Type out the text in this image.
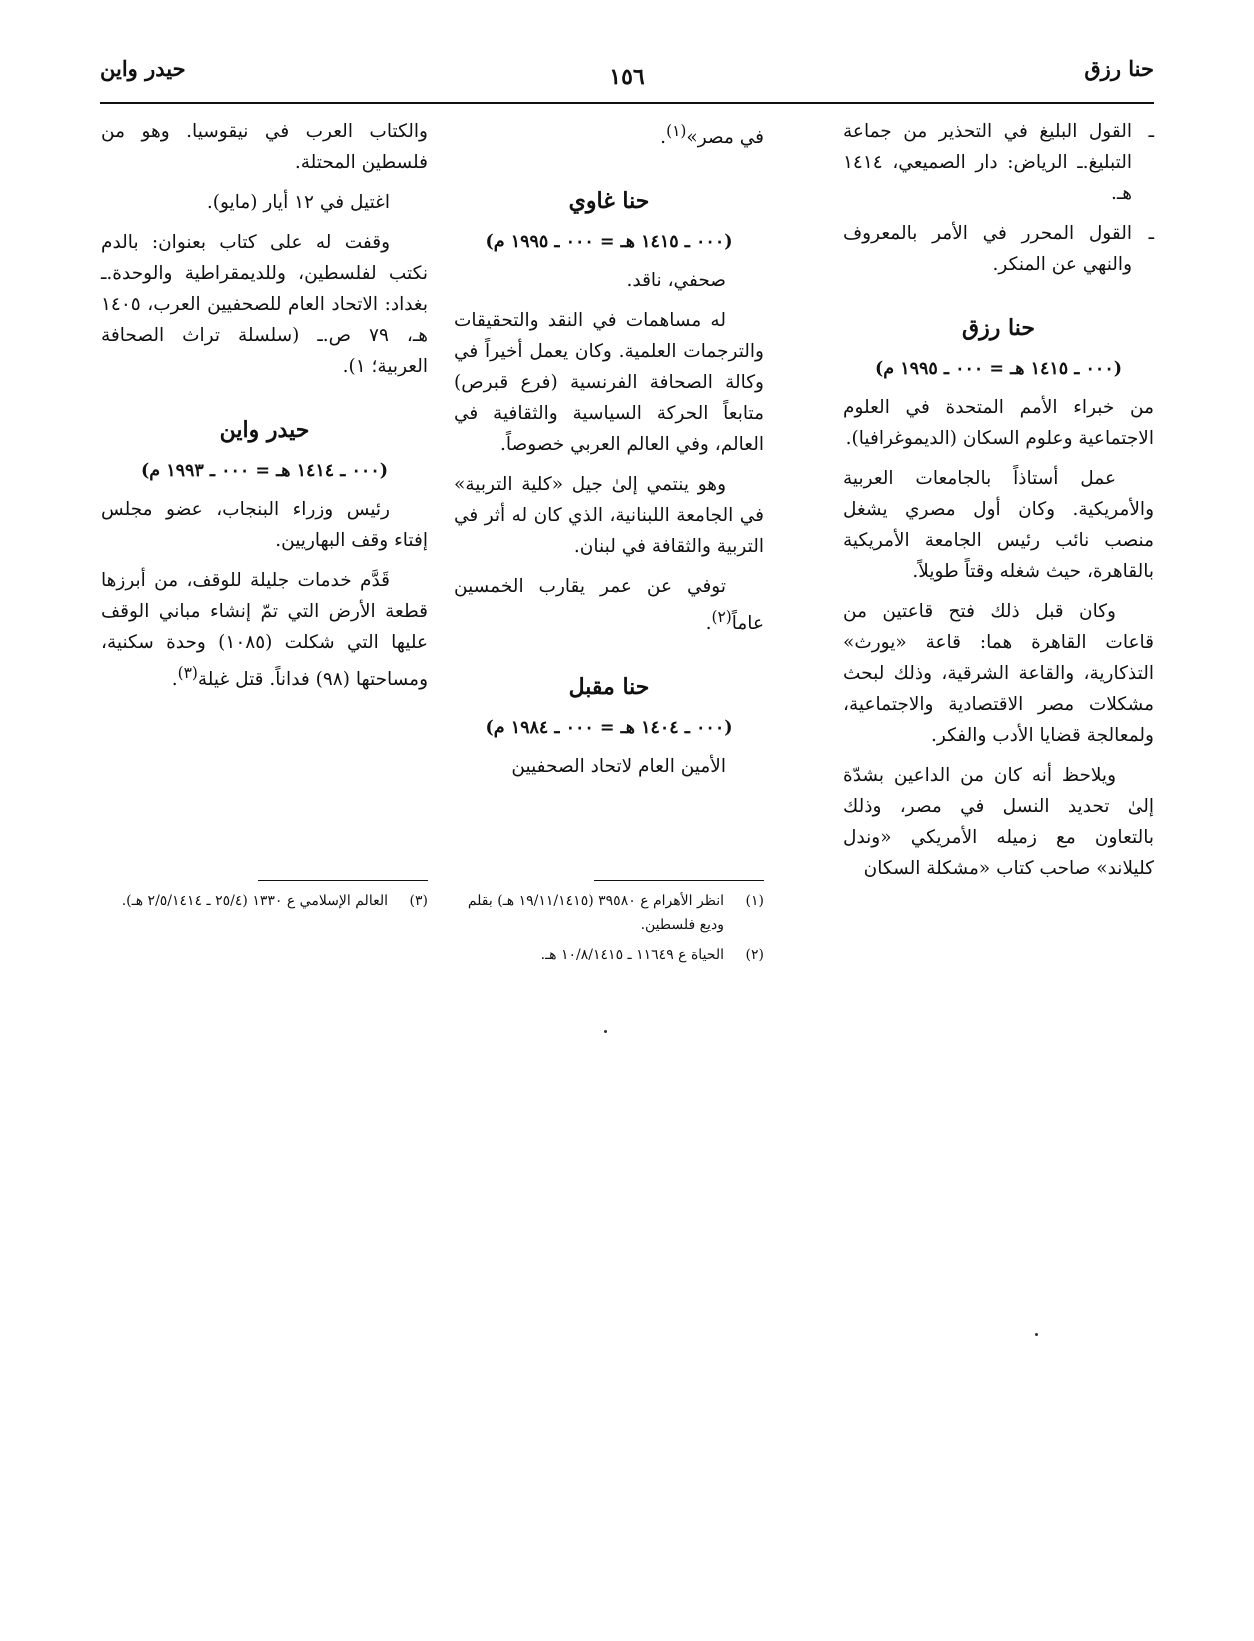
حنا رزق
١٥٦
حيدر واين
ـ
القول البليغ في التحذير من جماعة التبليغ.ـ الرياض: دار الصميعي، ١٤١٤ هـ.
ـ
القول المحرر في الأمر بالمعروف والنهي عن المنكر.
حنا رزق
(٠٠٠ ـ ١٤١٥ هـ = ٠٠٠ ـ ١٩٩٥ م)

من خبراء الأمم المتحدة في العلوم الاجتماعية وعلوم السكان (الديموغرافيا).

عمل أستاذاً بالجامعات العربية والأمريكية. وكان أول مصري يشغل منصب نائب رئيس الجامعة الأمريكية بالقاهرة، حيث شغله وقتاً طويلاً.

وكان قبل ذلك فتح قاعتين من قاعات القاهرة هما: قاعة «يورث» التذكارية، والقاعة الشرقية، وذلك لبحث مشكلات مصر الاقتصادية والاجتماعية، ولمعالجة قضايا الأدب والفكر.

ويلاحظ أنه كان من الداعين بشدّة إلىٰ تحديد النسل في مصر، وذلك بالتعاون مع زميله الأمريكي «وندل كليلاند» صاحب كتاب «مشكلة السكان

في مصر»$^{(١)}$.

حنا غاوي
(٠٠٠ ـ ١٤١٥ هـ = ٠٠٠ ـ ١٩٩٥ م)

صحفي، ناقد.

له مساهمات في النقد والتحقيقات والترجمات العلمية. وكان يعمل أخيراً في وكالة الصحافة الفرنسية (فرع قبرص) متابعاً الحركة السياسية والثقافية في العالم، وفي العالم العربي خصوصاً.

وهو ينتمي إلىٰ جيل «كلية التربية» في الجامعة اللبنانية، الذي كان له أثر في التربية والثقافة في لبنان.

توفي عن عمر يقارب الخمسين عاماً$^{(٢)}$.

حنا مقبل
(٠٠٠ ـ ١٤٠٤ هـ = ٠٠٠ ـ ١٩٨٤ م)

الأمين العام لاتحاد الصحفيين

والكتاب العرب في نيقوسيا. وهو من فلسطين المحتلة.

اغتيل في ١٢ أيار (مايو).

وقفت له على كتاب بعنوان: بالدم نكتب لفلسطين، وللديمقراطية والوحدة.ـ بغداد: الاتحاد العام للصحفيين العرب، ١٤٠٥ هـ، ٧٩ ص.ـ (سلسلة تراث الصحافة العربية؛ ١).

حيدر واين
(٠٠٠ ـ ١٤١٤ هـ = ٠٠٠ ـ ١٩٩٣ م)

رئيس وزراء البنجاب، عضو مجلس إفتاء وقف البهاريين.

قَدَّم خدمات جليلة للوقف، من أبرزها قطعة الأرض التي تمّ إنشاء مباني الوقف عليها التي شكلت (١٠٨٥) وحدة سكنية، ومساحتها (٩٨) فداناً. قتل غيلة$^{(٣)}$.

(١)
انظر الأهرام ع ٣٩٥٨٠ (١٩/١١/١٤١٥ هـ) بقلم وديع فلسطين.
(٢)
الحياة ع ١١٦٤٩ ـ ١٠/٨/١٤١٥ هـ.
(٣)
العالم الإسلامي ع ١٣٣٠ (٢٥/٤ ـ ٢/٥/١٤١٤ هـ).
